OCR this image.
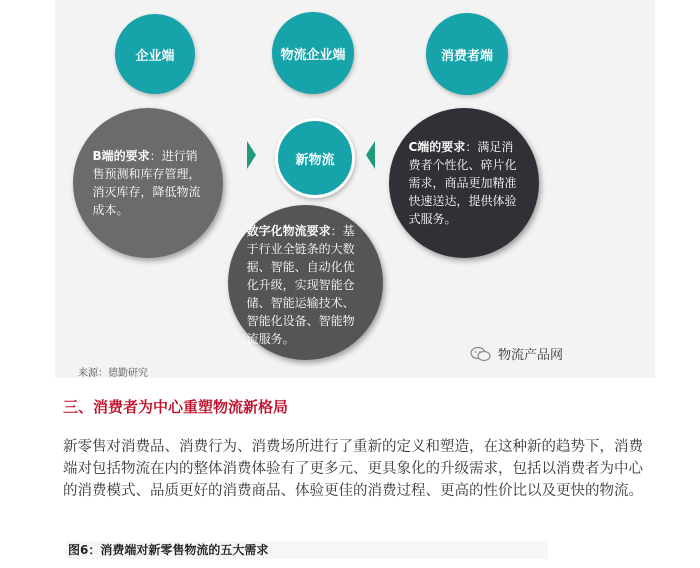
企业端	物流企业端	消费者端
B端的要求：进行销售预测和库存管理，消灭库存，降低物流成本。
C端的要求：满足消费者个性化、碎片化需求，商品更加精准快速送达，提供体验式服务。
数字化物流要求：基于行业全链条的大数据、智能、自动化优化升级，实现智能仓储、智能运输技术、智能化设备、智能物流服务。
新物流
来源：德勤研究
物流产品网
三、消费者为中心重塑物流新格局

新零售对消费品、消费行为、消费场所进行了重新的定义和塑造，在这种新的趋势下，消费端对包括物流在内的整体消费体验有了更多元、更具象化的升级需求，包括以消费者为中心的消费模式、品质更好的消费商品、体验更佳的消费过程、更高的性价比以及更快的物流。

图6：消费端对新零售物流的五大需求
